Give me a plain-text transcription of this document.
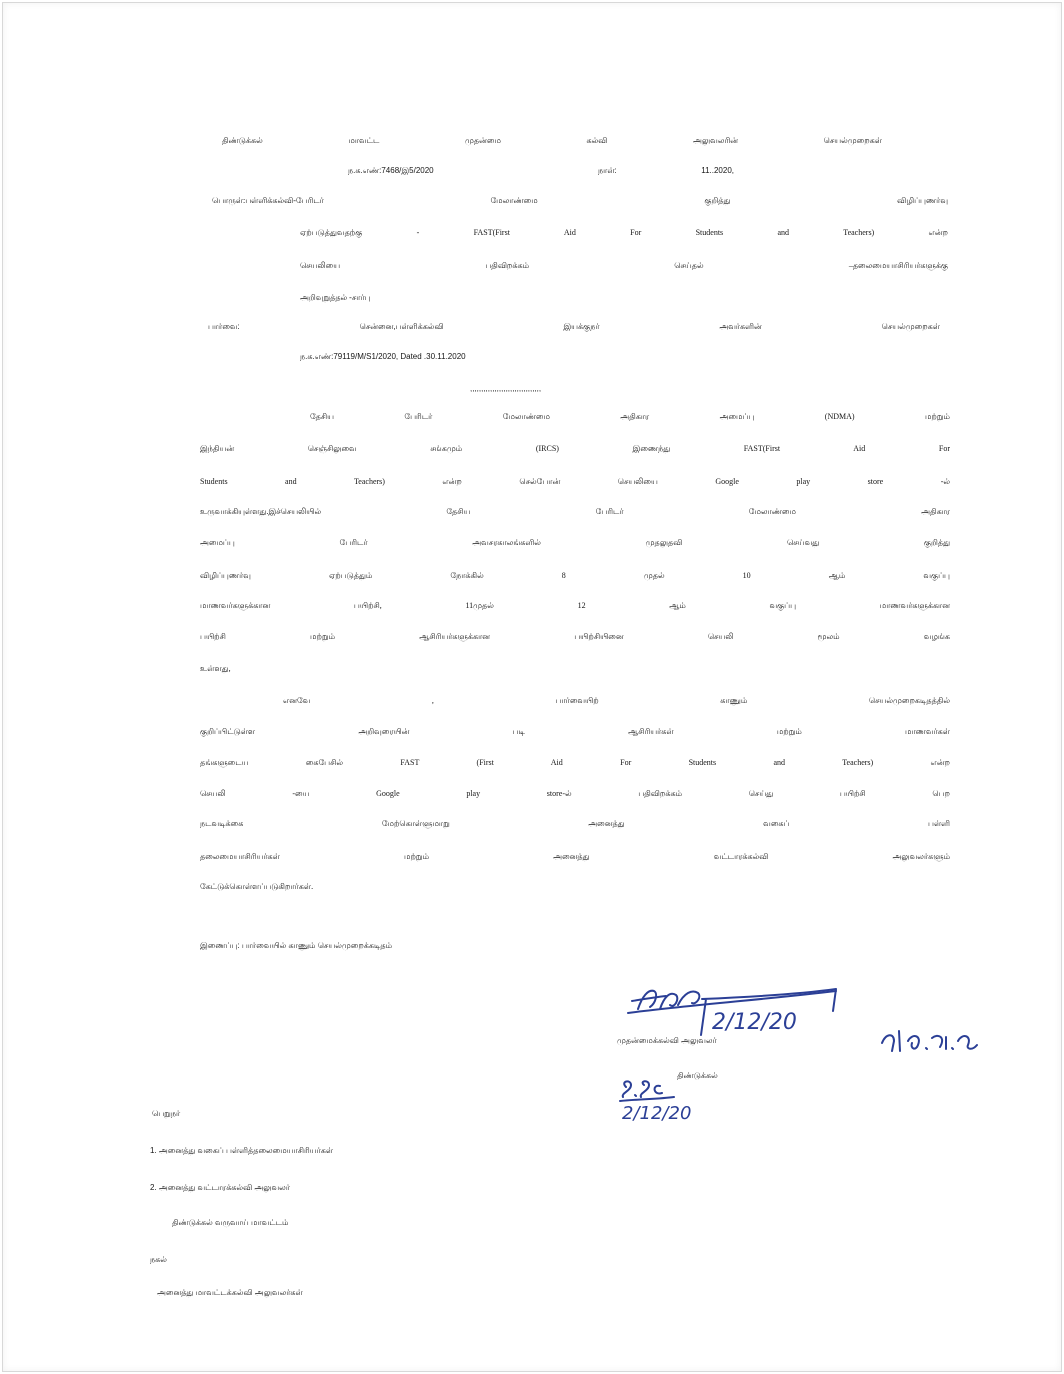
திண்டுக்கல் மாவட்ட முதன்மை கல்வி அலுவலரின் செயல்முறைகள்
ந.க.எண்:7468/இ5/2020	நாள்:	11..2020,
பொருள்:பள்ளிக்கல்வி-பேரிடர் மேலாண்மை குறித்து விழிப்புணர்வு
ஏற்படுத்துவதற்கு - FAST(First Aid For Students and Teachers) என்ற
செயலியை பதிவிறக்கம் செய்தல் –தலைமையாசிரியர்களுக்கு
அறிவுறுத்தல் -சார்பு
பார்வை:	சென்னை,பள்ளிக்கல்வி இயக்குநர் அவர்களின் செயல்முறைகள்
ந.க.எண்:79119/M/S1/2020, Dated .30.11.2020
,,,,,,,,,,,,,,,,,,,,,,,,,,,,,,,,
தேசிய பேரிடர் மேலாண்மை அதிகார அமைப்பு (NDMA) மற்றும்
இந்தியன் செஞ்சிலுவை சங்கமும் (IRCS) இணைந்து FAST(First Aid For
Students and Teachers) என்ற செல்போன் செயலியை Google play store -ல்
உருவாக்கியுள்ளது.இச்செயலியில் தேசிய பேரிடர் மேலாண்மை அதிகார
அமைப்பு பேரிடர் அவசரகாலங்களில் முதலுதவி செய்வது குறித்து
விழிப்புணர்வு ஏற்படுத்தும் நோக்கில் 8 முதல் 10 ஆம் வகுப்பு
மாணவர்களுக்கான பயிற்சி, 11முதல் 12 ஆம் வகுப்பு மாணவர்களுக்கான
பயிற்சி மற்றும் ஆசிரியர்களுக்கான பயிற்சியினை செயலி மூலம் வழங்க
உள்ளது,
எனவே , பார்வையிற் காணும் செயல்முறைகடிதத்தில்
குறிப்பிட்டுள்ள அறிவுரையின் படி ஆசிரியர்கள் மற்றும் மாணவர்கள்
தங்களுடைய கைபேசில் FAST (First Aid For Students and Teachers) என்ற
செயலி -யை Google play store-ல் பதிவிறக்கம் செய்து பயிற்சி பெற
நடவடிக்கை மேற்கொள்ளுமாறு அனைத்து வகைப் பள்ளி
தலைமையாசிரியர்கள் மற்றும் அனைத்து வட்டாரக்கல்வி அலுவலர்களும்
கேட்டுக்கொள்ளப்படுகிறார்கள்.
இணைப்பு: பார்வையில் காணும் செயல்முறைக்கடிதம்
முதன்மைக்கல்வி அலுவலர்
திண்டுக்கல்
2/12/20
2/12/20
பெறுநர்
1. அனைத்து வகைப் பள்ளித்தலைமையாசிரியர்கள்
2. அனைத்து வட்டாரக்கல்வி அலுவலர்
திண்டுக்கல் வருவாய் மாவட்டம்
நகல்
அனைத்து மாவட்டக்கல்வி அலுவலர்கள்
